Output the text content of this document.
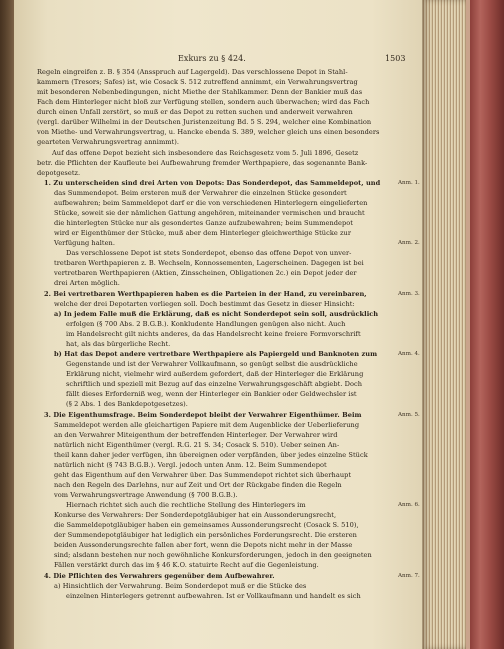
Exkurs zu § 424.	1503
Regeln eingreifen z. B. § 354 (Ansspruch auf Lagergeld). Das verschlossene Depot in Stahl-
kammern (Tresors; Safes) ist, wie Cosack S. 512 zutreffend annimmt, ein Verwahrungsvertrag
mit besonderen Nebenbedingungen, nicht Miethe der Stahlkammer. Denn der Bankier muß das
Fach dem Hinterleger nicht bloß zur Verfügung stellen, sondern auch überwachen; wird das Fach
durch einen Unfall zerstört, so muß er das Depot zu retten suchen und anderweit verwahren
(vergl. darüber Wilhelmi in der Deutschen Juristenzeitung Bd. 5 S. 294, welcher eine Kombination
von Miethe- und Verwahrungsvertrag, u. Hancke ebenda S. 389, welcher gleich uns einen besonders
gearteten Verwahrungsvertrag annimmt).
Auf das offene Depot bezieht sich insbesondere das Reichsgesetz vom 5. Juli 1896, Gesetz
betr. die Pflichten der Kaufleute bei Aufbewahrung fremder Werthpapiere, das sogenannte Bank-
depotgesetz.
1. Zu unterscheiden sind drei Arten von Depots: Das Sonderdepot, das Sammeldepot, und
das Summendepot. Beim ersteren muß der Verwahrer die einzelnen Stücke gesondert
aufbewahren; beim Sammeldepot darf er die von verschiedenen Hinterlegern eingelieferten
Stücke, soweit sie der nämlichen Gattung angehören, miteinander vermischen und braucht
die hinterlegten Stücke nur als gesondertes Ganze aufzubewahren; beim Summendepot
wird er Eigenthümer der Stücke, muß aber dem Hinterleger gleichwerthige Stücke zur
Verfügung halten.
Das verschlossene Depot ist stets Sonderdepot, ebenso das offene Depot von unver-
tretbaren Werthpapieren z. B. Wechseln, Konnossementen, Lagerscheinen. Dagegen ist bei
vertretbaren Werthpapieren (Aktien, Zinsscheinen, Obligationen 2c.) ein Depot jeder der
drei Arten möglich.
2. Bei vertretbaren Werthpapieren haben es die Parteien in der Hand, zu vereinbaren,
welche der drei Depotarten vorliegen soll. Doch bestimmt das Gesetz in dieser Hinsicht:
a) In jedem Falle muß die Erklärung, daß es nicht Sonderdepot sein soll, ausdrücklich
erfolgen (§ 700 Abs. 2 B.G.B.). Konkludente Handlungen genügen also nicht. Auch
im Handelsrecht gilt nichts anderes, da das Handelsrecht keine freiere Formvorschrift
hat, als das bürgerliche Recht.
b) Hat das Depot andere vertretbare Werthpapiere als Papiergeld und Banknoten zum
Gegenstande und ist der Verwahrer Vollkaufmann, so genügt selbst die ausdrückliche
Erklärung nicht, vielmehr wird außerdem gefordert, daß der Hinterleger die Erklärung
schriftlich und speziell mit Bezug auf das einzelne Verwahrungsgeschäft abgiebt. Doch
fällt dieses Erforderniß weg, wenn der Hinterleger ein Bankier oder Geldwechsler ist
(§ 2 Abs. 1 des Bankdepotgesetzes).
3. Die Eigenthumsfrage. Beim Sonderdepot bleibt der Verwahrer Eigenthümer. Beim
Sammeldepot werden alle gleichartigen Papiere mit dem Augenblicke der Ueberlieferung
an den Verwahrer Miteigenthum der betreffenden Hinterleger. Der Verwahrer wird
natürlich nicht Eigenthümer (vergl. R.G. 21 S. 34; Cosack S. 510). Ueber seinen An-
theil kann daher jeder verfügen, ihn übereignen oder verpfänden, über jedes einzelne Stück
natürlich nicht (§ 743 B.G.B.). Vergl. jedoch unten Anm. 12. Beim Summendepot
geht das Eigenthum auf den Verwahrer über. Das Summendepot richtet sich überhaupt
nach den Regeln des Darlehns, nur auf Zeit und Ort der Rückgabe finden die Regeln
vom Verwahrungsvertrage Anwendung (§ 700 B.G.B.).
Hiernach richtet sich auch die rechtliche Stellung des Hinterlegers im
Konkurse des Verwahrers: Der Sonderdepotgläubiger hat ein Aussonderungsrecht,
die Sammeldepotgläubiger haben ein gemeinsames Aussonderungsrecht (Cosack S. 510),
der Summendepotgläubiger hat lediglich ein persönliches Forderungsrecht. Die ersteren
beiden Aussonderungsrechte fallen aber fort, wenn die Depots nicht mehr in der Masse
sind; alsdann bestehen nur noch gewöhnliche Konkursforderungen, jedoch in den geeigneten
Fällen verstärkt durch das im § 46 K.O. statuirte Recht auf die Gegenleistung.
4. Die Pflichten des Verwahrers gegenüber dem Aufbewahrer.
a) Hinsichtlich der Verwahrung. Beim Sonderdepot muß er die Stücke des
einzelnen Hinterlegers getrennt aufbewahren. Ist er Vollkaufmann und handelt es sich
Anm. 1.
Anm. 2.
Anm. 3.
Anm. 4.
Anm. 5.
Anm. 6.
Anm. 7.
